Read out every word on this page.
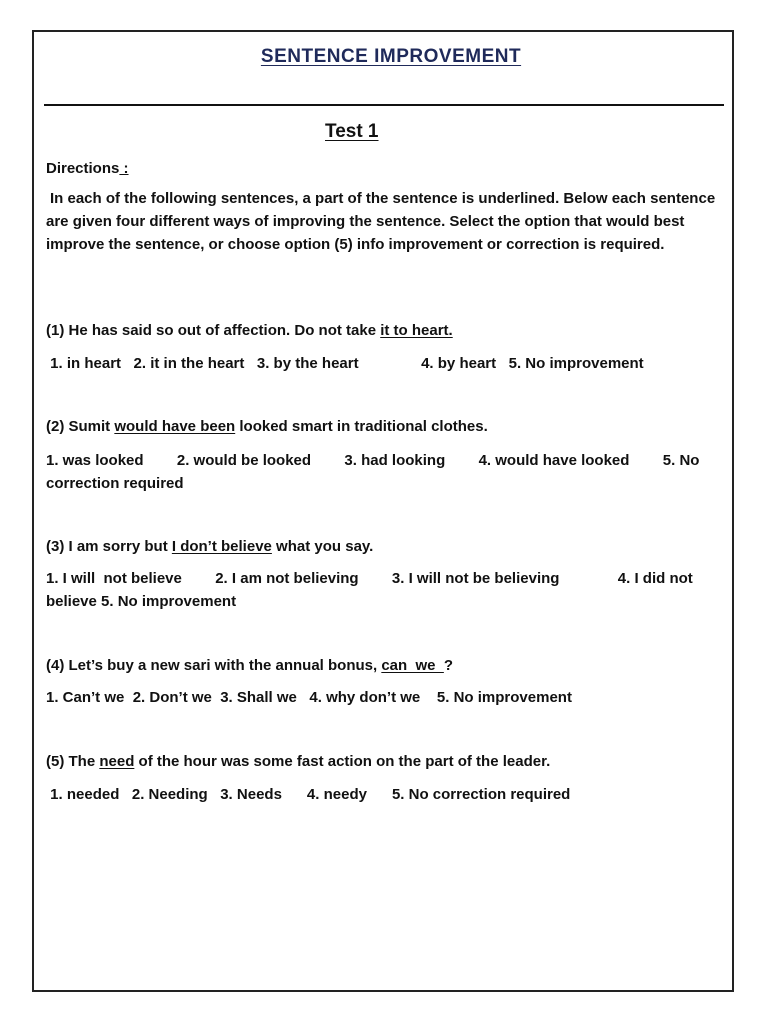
SENTENCE IMPROVEMENT
Test 1
Directions :
In each of the following sentences, a part of the sentence is underlined. Below each sentence are given four different ways of improving the sentence. Select the option that would best improve the sentence, or choose option (5) info improvement or correction is required.
(1) He has said so out of affection. Do not take it to heart.
1. in heart   2. it in the heart   3. by the heart               4. by heart   5. No improvement
(2) Sumit would have been looked smart in traditional clothes.
1. was looked        2. would be looked        3. had looking        4. would have looked        5. No correction required
(3) I am sorry but I don’t believe what you say.
1. I will  not believe        2. I am not believing        3. I will not be believing              4. I did not believe 5. No improvement
(4) Let’s buy a new sari with the annual bonus, can  we  ?
1. Can’t we  2. Don’t we  3. Shall we   4. why don’t we    5. No improvement
(5) The need of the hour was some fast action on the part of the leader.
1. needed   2. Needing   3. Needs      4. needy      5. No correction required
